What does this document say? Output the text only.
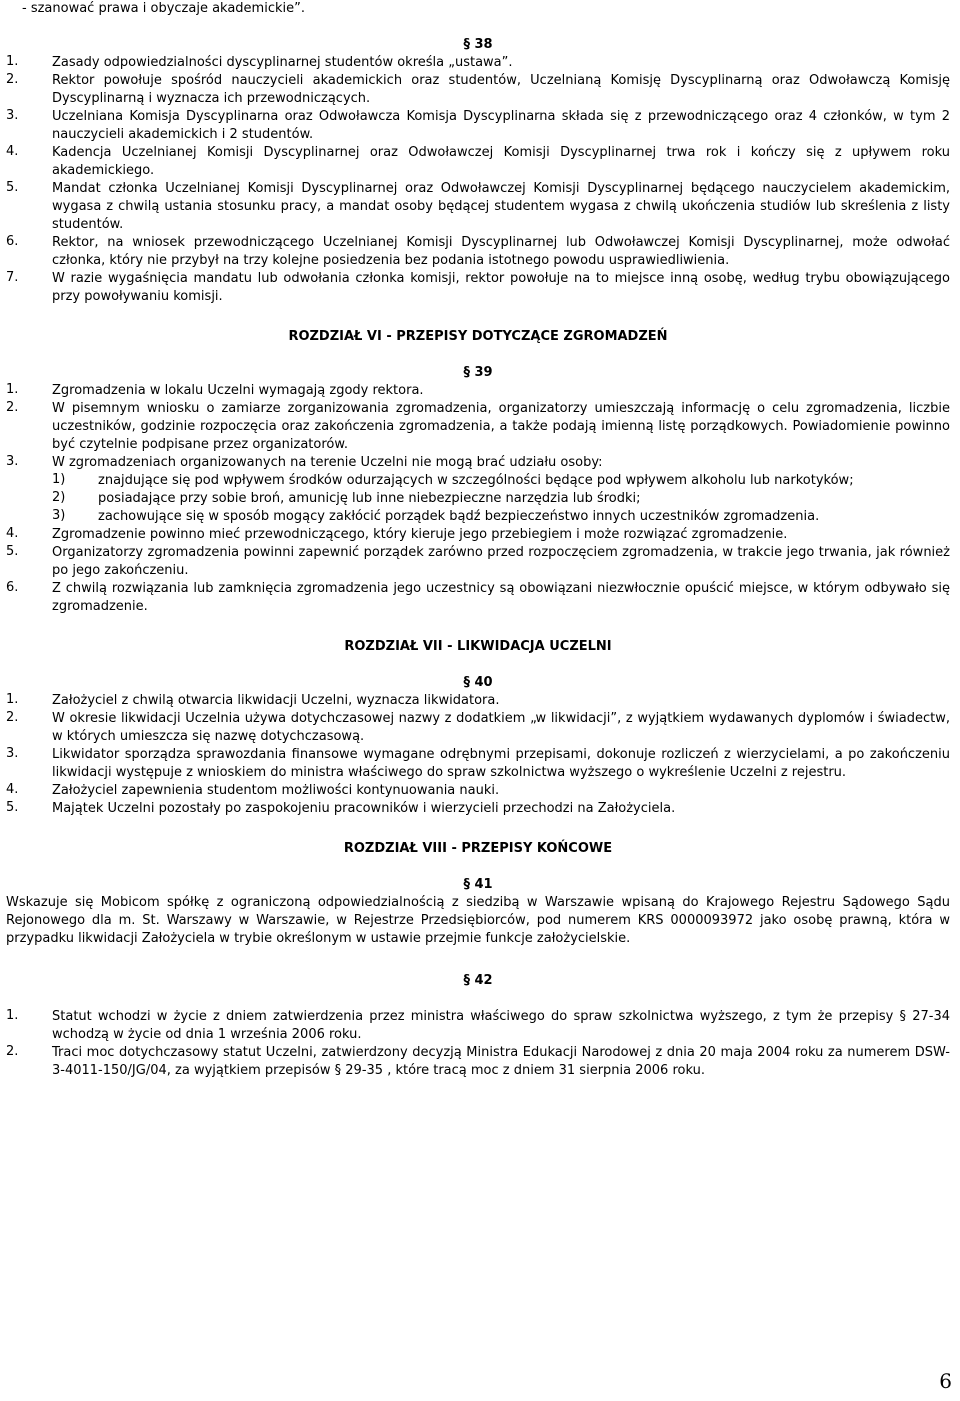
- szanować prawa i obyczaje akademickie”.
§ 38
1.	Zasady odpowiedzialności dyscyplinarnej studentów określa „ustawa”.
2.	Rektor powołuje spośród nauczycieli akademickich oraz studentów, Uczelnianą Komisję Dyscyplinarną oraz Odwoławczą Komisję Dyscyplinarną i wyznacza ich przewodniczących.
3.	Uczelniana Komisja Dyscyplinarna oraz Odwoławcza Komisja Dyscyplinarna składa się z przewodniczącego oraz 4 członków, w tym 2 nauczycieli akademickich i 2 studentów.
4.	Kadencja Uczelnianej Komisji Dyscyplinarnej oraz Odwoławczej Komisji Dyscyplinarnej trwa rok i kończy się z upływem roku akademickiego.
5.	Mandat członka Uczelnianej Komisji Dyscyplinarnej oraz Odwoławczej Komisji Dyscyplinarnej będącego nauczycielem akademickim, wygasa z chwilą ustania stosunku pracy, a mandat osoby będącej studentem wygasa z chwilą ukończenia studiów lub skreślenia z listy studentów.
6.	Rektor, na wniosek przewodniczącego Uczelnianej Komisji Dyscyplinarnej lub Odwoławczej Komisji Dyscyplinarnej, może odwołać członka, który nie przybył na trzy kolejne posiedzenia bez podania istotnego powodu usprawiedliwienia.
7.	W razie wygaśnięcia mandatu lub odwołania członka komisji, rektor powołuje na to miejsce inną osobę, według trybu obowiązującego przy powoływaniu komisji.
ROZDZIAŁ VI - PRZEPISY DOTYCZĄCE ZGROMADZEŃ
§ 39
1.	Zgromadzenia w lokalu Uczelni wymagają zgody rektora.
2.	W pisemnym wniosku o zamiarze zorganizowania zgromadzenia, organizatorzy umieszczają informację o celu zgromadzenia, liczbie uczestników, godzinie rozpoczęcia oraz zakończenia zgromadzenia, a także podają imienną listę porządkowych. Powiadomienie powinno być czytelnie podpisane przez organizatorów.
3.	W zgromadzeniach organizowanych na terenie Uczelni nie mogą brać udziału osoby:
1)	znajdujące się pod wpływem środków odurzających w szczególności będące pod wpływem alkoholu lub narkotyków;
2)	posiadające przy sobie broń, amunicję lub inne niebezpieczne narzędzia lub środki;
3)	zachowujące się w sposób mogący zakłócić porządek bądź bezpieczeństwo innych uczestników zgromadzenia.
4.	Zgromadzenie powinno mieć przewodniczącego, który kieruje jego przebiegiem i może rozwiązać zgromadzenie.
5.	Organizatorzy zgromadzenia powinni zapewnić porządek zarówno przed rozpoczęciem zgromadzenia, w trakcie jego trwania, jak również po jego zakończeniu.
6.	Z chwilą rozwiązania lub zamknięcia zgromadzenia jego uczestnicy są obowiązani niezwłocznie opuścić miejsce, w którym odbywało się zgromadzenie.
ROZDZIAŁ VII - LIKWIDACJA UCZELNI
§ 40
1.	Założyciel z chwilą otwarcia likwidacji Uczelni, wyznacza likwidatora.
2.	W okresie likwidacji Uczelnia używa dotychczasowej nazwy z dodatkiem „w likwidacji”, z wyjątkiem wydawanych dyplomów i świadectw, w których umieszcza się nazwę dotychczasową.
3.	Likwidator sporządza sprawozdania finansowe wymagane odrębnymi przepisami, dokonuje rozliczeń z wierzycielami, a po zakończeniu likwidacji występuje z wnioskiem do ministra właściwego do spraw szkolnictwa wyższego o wykreślenie Uczelni z rejestru.
4.	Założyciel zapewnienia studentom możliwości kontynuowania nauki.
5.	Majątek Uczelni pozostały po zaspokojeniu pracowników i wierzycieli przechodzi na Założyciela.
ROZDZIAŁ VIII - PRZEPISY KOŃCOWE
§ 41
Wskazuje się Mobicom spółkę z ograniczoną odpowiedzialnością z siedzibą w Warszawie wpisaną do Krajowego Rejestru Sądowego Sądu Rejonowego dla m. St. Warszawy w Warszawie, w Rejestrze Przedsiębiorców, pod numerem KRS 0000093972 jako osobę prawną, która w przypadku likwidacji Założyciela w trybie określonym w ustawie przejmie funkcje założycielskie.
§ 42
1.	Statut wchodzi w życie z dniem zatwierdzenia przez ministra właściwego do spraw szkolnictwa wyższego, z tym że przepisy § 27-34 wchodzą w życie od dnia 1 września 2006 roku.
2.	Traci moc dotychczasowy statut Uczelni, zatwierdzony decyzją Ministra Edukacji Narodowej z dnia 20 maja 2004 roku za numerem DSW-3-4011-150/JG/04, za wyjątkiem przepisów § 29-35 , które tracą moc z dniem 31 sierpnia 2006 roku.
6
